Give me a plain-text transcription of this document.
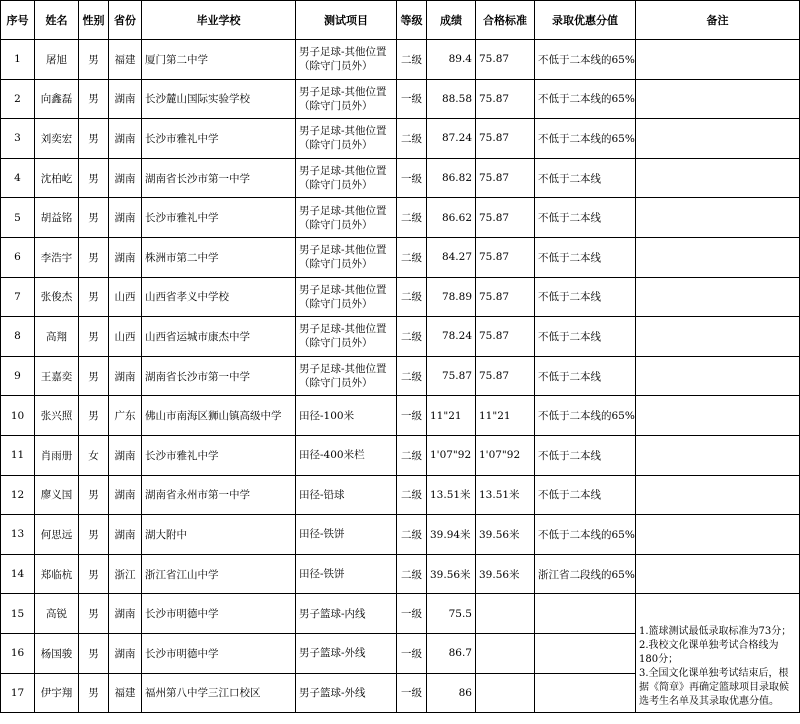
序号	姓名	性别	省份	毕业学校	测试项目	等级	成绩	合格标准	录取优惠分值	备注
1	屠旭	男	福建	厦门第二中学	男子足球-其他位置（除守门员外）	二级	89.4	75.87	不低于二本线的65%	
2	向鑫磊	男	湖南	长沙麓山国际实验学校	男子足球-其他位置（除守门员外）	一级	88.58	75.87	不低于二本线的65%	
3	刘奕宏	男	湖南	长沙市雅礼中学	男子足球-其他位置（除守门员外）	二级	87.24	75.87	不低于二本线的65%	
4	沈柏屹	男	湖南	湖南省长沙市第一中学	男子足球-其他位置（除守门员外）	一级	86.82	75.87	不低于二本线	
5	胡益铭	男	湖南	长沙市雅礼中学	男子足球-其他位置（除守门员外）	二级	86.62	75.87	不低于二本线	
6	李浩宇	男	湖南	株洲市第二中学	男子足球-其他位置（除守门员外）	二级	84.27	75.87	不低于二本线	
7	张俊杰	男	山西	山西省孝义中学校	男子足球-其他位置（除守门员外）	二级	78.89	75.87	不低于二本线	
8	高翔	男	山西	山西省运城市康杰中学	男子足球-其他位置（除守门员外）	二级	78.24	75.87	不低于二本线	
9	王嘉奕	男	湖南	湖南省长沙市第一中学	男子足球-其他位置（除守门员外）	二级	75.87	75.87	不低于二本线	
10	张兴照	男	广东	佛山市南海区狮山镇高级中学	田径-100米	一级	11"21	11"21	不低于二本线的65%	
11	肖雨册	女	湖南	长沙市雅礼中学	田径-400米栏	二级	1'07"92	1'07"92	不低于二本线	
12	廖义国	男	湖南	湖南省永州市第一中学	田径-铅球	二级	13.51米	13.51米	不低于二本线	
13	何思远	男	湖南	湖大附中	田径-铁饼	二级	39.94米	39.56米	不低于二本线的65%	
14	郑临杭	男	浙江	浙江省江山中学	田径-铁饼	二级	39.56米	39.56米	浙江省二段线的65%	
15	高锐	男	湖南	长沙市明德中学	男子篮球-内线	一级	75.5			1.篮球测试最低录取标准为73分；
2.我校文化课单独考试合格线为180分；
3.全国文化课单独考试结束后，根据《简章》再确定篮球项目录取候选考生名单及其录取优惠分值。

16	杨国骏	男	湖南	长沙市明德中学	男子篮球-外线	一级	86.7			
17	伊宇翔	男	福建	福州第八中学三江口校区	男子篮球-外线	一级	86			
